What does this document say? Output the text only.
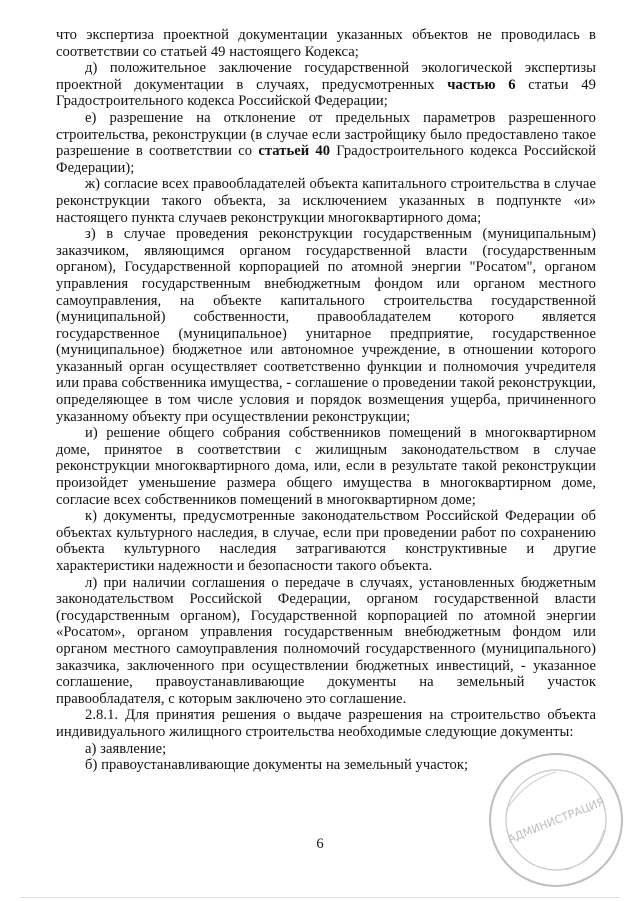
что экспертиза проектной документации указанных объектов не проводилась в соответствии со статьей 49 настоящего Кодекса;

д) положительное заключение государственной экологической экспертизы проектной документации в случаях, предусмотренных частью 6 статьи 49 Градостроительного кодекса Российской Федерации;

е) разрешение на отклонение от предельных параметров разрешенного строительства, реконструкции (в случае если застройщику было предоставлено такое разрешение в соответствии со статьей 40 Градостроительного кодекса Российской Федерации);

ж) согласие всех правообладателей объекта капитального строительства в случае реконструкции такого объекта, за исключением указанных в подпункте «и» настоящего пункта случаев реконструкции многоквартирного дома;

з) в случае проведения реконструкции государственным (муниципальным) заказчиком, являющимся органом государственной власти (государственным органом), Государственной корпорацией по атомной энергии "Росатом", органом управления государственным внебюджетным фондом или органом местного самоуправления, на объекте капитального строительства государственной (муниципальной) собственности, правообладателем которого является государственное (муниципальное) унитарное предприятие, государственное (муниципальное) бюджетное или автономное учреждение, в отношении которого указанный орган осуществляет соответственно функции и полномочия учредителя или права собственника имущества, - соглашение о проведении такой реконструкции, определяющее в том числе условия и порядок возмещения ущерба, причиненного указанному объекту при осуществлении реконструкции;

и) решение общего собрания собственников помещений в многоквартирном доме, принятое в соответствии с жилищным законодательством в случае реконструкции многоквартирного дома, или, если в результате такой реконструкции произойдет уменьшение размера общего имущества в многоквартирном доме, согласие всех собственников помещений в многоквартирном доме;

к) документы, предусмотренные законодательством Российской Федерации об объектах культурного наследия, в случае, если при проведении работ по сохранению объекта культурного наследия затрагиваются конструктивные и другие характеристики надежности и безопасности такого объекта.

л) при наличии соглашения о передаче в случаях, установленных бюджетным законодательством Российской Федерации, органом государственной власти (государственным органом), Государственной корпорацией по атомной энергии «Росатом», органом управления государственным внебюджетным фондом или органом местного самоуправления полномочий государственного (муниципального) заказчика, заключенного при осуществлении бюджетных инвестиций, - указанное соглашение, правоустанавливающие документы на земельный участок правообладателя, с которым заключено это соглашение.

2.8.1. Для принятия решения о выдаче разрешения на строительство объекта индивидуального жилищного строительства необходимые следующие документы:

а) заявление;

б) правоустанавливающие документы на земельный участок;

6	АДМИНИСТРАЦИЯ
